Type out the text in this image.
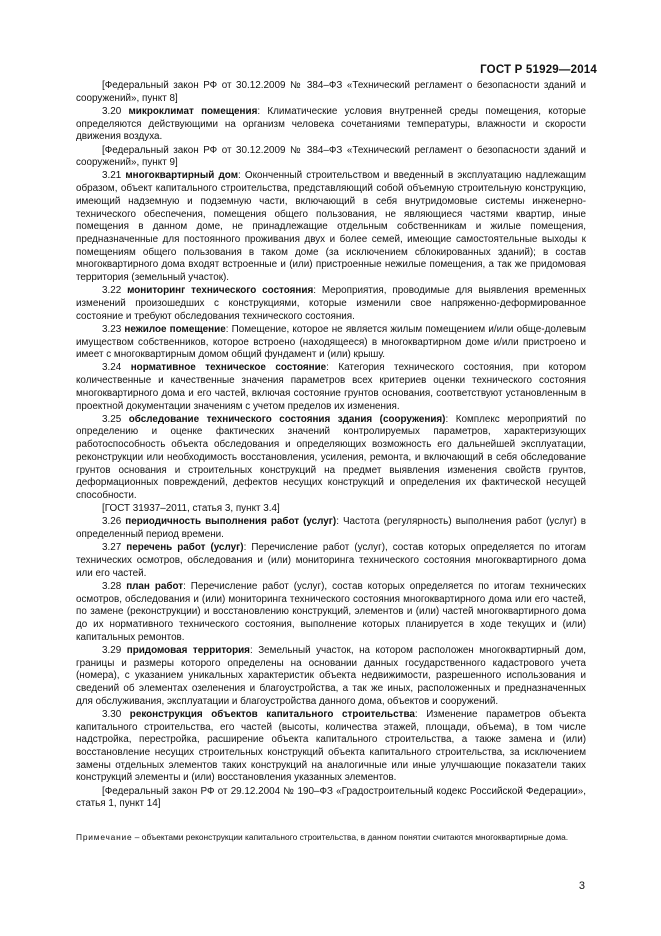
ГОСТ Р 51929—2014

[Федеральный закон РФ от 30.12.2009 № 384–ФЗ «Технический регламент о безопасности зданий и сооружений», пункт 8]

3.20 микроклимат помещения: Климатические условия внутренней среды помещения, которые определяются действующими на организм человека сочетаниями температуры, влажности и скорости движения воздуха.

[Федеральный закон РФ от 30.12.2009 № 384–ФЗ «Технический регламент о безопасности зданий и сооружений», пункт 9]

3.21 многоквартирный дом: Оконченный строительством и введенный в эксплуатацию надлежащим образом, объект капитального строительства, представляющий собой объемную строительную конструкцию, имеющий надземную и подземную части, включающий в себя внутридомовые системы инженерно-технического обеспечения, помещения общего пользования, не являющиеся частями квартир, иные помещения в данном доме, не принадлежащие отдельным собственникам и жилые помещения, предназначенные для постоянного проживания двух и более семей, имеющие самостоятельные выходы к помещениям общего пользования в таком доме (за исключением сблокированных зданий); в состав многоквартирного дома входят встроенные и (или) пристроенные нежилые помещения, а так же придомовая территория (земельный участок).

3.22 мониторинг технического состояния: Мероприятия, проводимые для выявления временных изменений произошедших с конструкциями, которые изменили свое напряженно-деформированное состояние и требуют обследования технического состояния.

3.23 нежилое помещение: Помещение, которое не является жилым помещением и/или обще-долевым имуществом собственников, которое встроено (находящееся) в многоквартирном доме и/или пристроено и имеет с многоквартирным домом общий фундамент и (или) крышу.

3.24 нормативное техническое состояние: Категория технического состояния, при котором количественные и качественные значения параметров всех критериев оценки технического состояния многоквартирного дома и его частей, включая состояние грунтов основания, соответствуют установленным в проектной документации значениям с учетом пределов их изменения.

3.25 обследование технического состояния здания (сооружения): Комплекс мероприятий по определению и оценке фактических значений контролируемых параметров, характеризующих работоспособность объекта обследования и определяющих возможность его дальнейшей эксплуатации, реконструкции или необходимость восстановления, усиления, ремонта, и включающий в себя обследование грунтов основания и строительных конструкций на предмет выявления изменения свойств грунтов, деформационных повреждений, дефектов несущих конструкций и определения их фактической несущей способности.

[ГОСТ 31937–2011, статья 3, пункт 3.4]

3.26 периодичность выполнения работ (услуг): Частота (регулярность) выполнения работ (услуг) в определенный период времени.

3.27 перечень работ (услуг): Перечисление работ (услуг), состав которых определяется по итогам технических осмотров, обследования и (или) мониторинга технического состояния многоквартирного дома или его частей.

3.28 план работ: Перечисление работ (услуг), состав которых определяется по итогам технических осмотров, обследования и (или) мониторинга технического состояния многоквартирного дома или его частей, по замене (реконструкции) и восстановлению конструкций, элементов и (или) частей многоквартирного дома до их нормативного технического состояния, выполнение которых планируется в ходе текущих и (или) капитальных ремонтов.

3.29 придомовая территория: Земельный участок, на котором расположен многоквартирный дом, границы и размеры которого определены на основании данных государственного кадастрового учета (номера), с указанием уникальных характеристик объекта недвижимости, разрешенного использования и сведений об элементах озеленения и благоустройства, а так же иных, расположенных и предназначенных для обслуживания, эксплуатации и благоустройства данного дома, объектов и сооружений.

3.30 реконструкция объектов капитального строительства: Изменение параметров объекта капитального строительства, его частей (высоты, количества этажей, площади, объема), в том числе надстройка, перестройка, расширение объекта капитального строительства, а также замена и (или) восстановление несущих строительных конструкций объекта капитального строительства, за исключением замены отдельных элементов таких конструкций на аналогичные или иные улучшающие показатели таких конструкций элементы и (или) восстановления указанных элементов.

[Федеральный закон РФ от 29.12.2004 № 190–ФЗ «Градостроительный кодекс Российской Федерации», статья 1, пункт 14]

Примечание – объектами реконструкции капитального строительства, в данном понятии считаются многоквартирные дома.
3
